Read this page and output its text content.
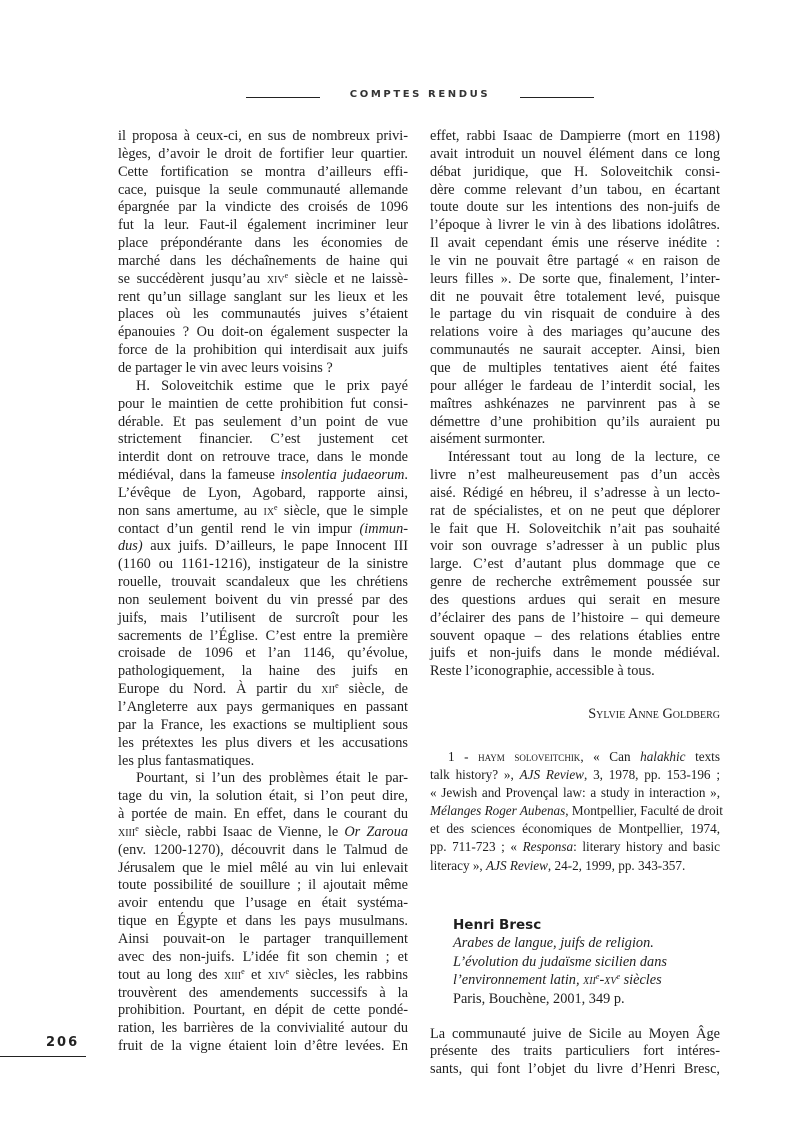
COMPTES RENDUS
il proposa à ceux-ci, en sus de nombreux privi-
lèges, d’avoir le droit de fortifier leur quartier.
Cette fortification se montra d’ailleurs effi-
cace, puisque la seule communauté allemande
épargnée par la vindicte des croisés de 1096
fut la leur. Faut-il également incriminer leur
place prépondérante dans les économies de
marché dans les déchaînements de haine qui
se succédèrent jusqu’au xiv$^e$ siècle et ne laissè-
rent qu’un sillage sanglant sur les lieux et les
places où les communautés juives s’étaient
épanouies ? Ou doit-on également suspecter la
force de la prohibition qui interdisait aux juifs
de partager le vin avec leurs voisins ?
H. Soloveitchik estime que le prix payé
pour le maintien de cette prohibition fut consi-
dérable. Et pas seulement d’un point de vue
strictement financier. C’est justement cet
interdit dont on retrouve trace, dans le monde
médiéval, dans la fameuse insolentia judaeorum.
L’évêque de Lyon, Agobard, rapporte ainsi,
non sans amertume, au $ix^e$ siècle, que le simple
contact d’un gentil rend le vin impur (immun-
dus) aux juifs. D’ailleurs, le pape Innocent III
(1160 ou 1161-1216), instigateur de la sinistre
rouelle, trouvait scandaleux que les chrétiens
non seulement boivent du vin pressé par des
juifs, mais l’utilisent de surcroît pour les
sacrements de l’Église. C’est entre la première
croisade de 1096 et l’an 1146, qu’évolue,
pathologiquement, la haine des juifs en
Europe du Nord. À partir du xii$^e$ siècle, de
l’Angleterre aux pays germaniques en passant
par la France, les exactions se multiplient sous
les prétextes les plus divers et les accusations
les plus fantasmatiques.
Pourtant, si l’un des problèmes était le par-
tage du vin, la solution était, si l’on peut dire,
à portée de main. En effet, dans le courant du
xiii$^e$ siècle, rabbi Isaac de Vienne, le Or Zaroua
(env. 1200-1270), découvrit dans le Talmud de
Jérusalem que le miel mêlé au vin lui enlevait
toute possibilité de souillure ; il ajoutait même
avoir entendu que l’usage en était systéma-
tique en Égypte et dans les pays musulmans.
Ainsi pouvait-on le partager tranquillement
avec des non-juifs. L’idée fit son chemin ; et
tout au long des xiii$^e$ et xiv$^e$ siècles, les rabbins
trouvèrent des amendements successifs à la
prohibition. Pourtant, en dépit de cette pondé-
ration, les barrières de la convivialité autour du
fruit de la vigne étaient loin d’être levées. En
effet, rabbi Isaac de Dampierre (mort en 1198)
avait introduit un nouvel élément dans ce long
débat juridique, que H. Soloveitchik consi-
dère comme relevant d’un tabou, en écartant
toute doute sur les intentions des non-juifs de
l’époque à livrer le vin à des libations idolâtres.
Il avait cependant émis une réserve inédite :
le vin ne pouvait être partagé « en raison de
leurs filles ». De sorte que, finalement, l’inter-
dit ne pouvait être totalement levé, puisque
le partage du vin risquait de conduire à des
relations voire à des mariages qu’aucune des
communautés ne saurait accepter. Ainsi, bien
que de multiples tentatives aient été faites
pour alléger le fardeau de l’interdit social, les
maîtres ashkénazes ne parvinrent pas à se
démettre d’une prohibition qu’ils auraient pu
aisément surmonter.
Intéressant tout au long de la lecture, ce
livre n’est malheureusement pas d’un accès
aisé. Rédigé en hébreu, il s’adresse à un lecto-
rat de spécialistes, et on ne peut que déplorer
le fait que H. Soloveitchik n’ait pas souhaité
voir son ouvrage s’adresser à un public plus
large. C’est d’autant plus dommage que ce
genre de recherche extrêmement poussée sur
des questions ardues qui serait en mesure
d’éclairer des pans de l’histoire – qui demeure
souvent opaque – des relations établies entre
juifs et non-juifs dans le monde médiéval.
Reste l’iconographie, accessible à tous.
Sylvie Anne Goldberg
1 - haym soloveitchik, « Can halakhic texts
talk history? », AJS Review, 3, 1978, pp. 153-196 ;
« Jewish and Provençal law: a study in interaction »,
Mélanges Roger Aubenas, Montpellier, Faculté de droit
et des sciences économiques de Montpellier, 1974,
pp. 711-723 ; « Responsa: literary history and basic
literacy », AJS Review, 24-2, 1999, pp. 343-357.
Henri Bresc
Arabes de langue, juifs de religion.
L’évolution du judaïsme sicilien dans
l’environnement latin, $xii^e-xv^e$ siècles
Paris, Bouchène, 2001, 349 p.
La communauté juive de Sicile au Moyen Âge
présente des traits particuliers fort intéres-
sants, qui font l’objet du livre d’Henri Bresc,
206
